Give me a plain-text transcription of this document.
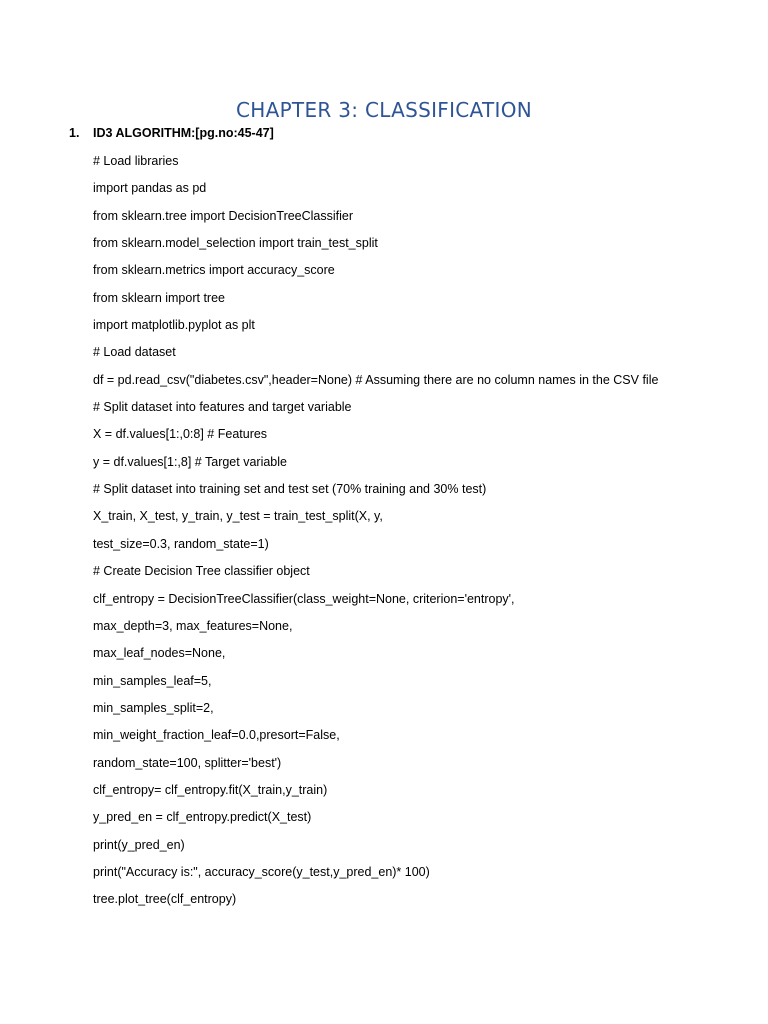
CHAPTER 3: CLASSIFICATION
1. ID3 ALGORITHM:[pg.no:45-47]
# Load libraries
import pandas as pd
from sklearn.tree import DecisionTreeClassifier
from sklearn.model_selection import train_test_split
from sklearn.metrics import accuracy_score
from sklearn import tree
import matplotlib.pyplot as plt
# Load dataset
df = pd.read_csv("diabetes.csv",header=None) # Assuming there are no column names in the CSV file
# Split dataset into features and target variable
X = df.values[1:,0:8] # Features
y = df.values[1:,8] # Target variable
# Split dataset into training set and test set (70% training and 30% test)
X_train, X_test, y_train, y_test = train_test_split(X, y,
test_size=0.3, random_state=1)
# Create Decision Tree classifier object
clf_entropy = DecisionTreeClassifier(class_weight=None, criterion='entropy',
max_depth=3, max_features=None,
max_leaf_nodes=None,
min_samples_leaf=5,
min_samples_split=2,
min_weight_fraction_leaf=0.0,presort=False,
random_state=100, splitter='best')
clf_entropy= clf_entropy.fit(X_train,y_train)
y_pred_en = clf_entropy.predict(X_test)
print(y_pred_en)
print("Accuracy is:", accuracy_score(y_test,y_pred_en)* 100)
tree.plot_tree(clf_entropy)
